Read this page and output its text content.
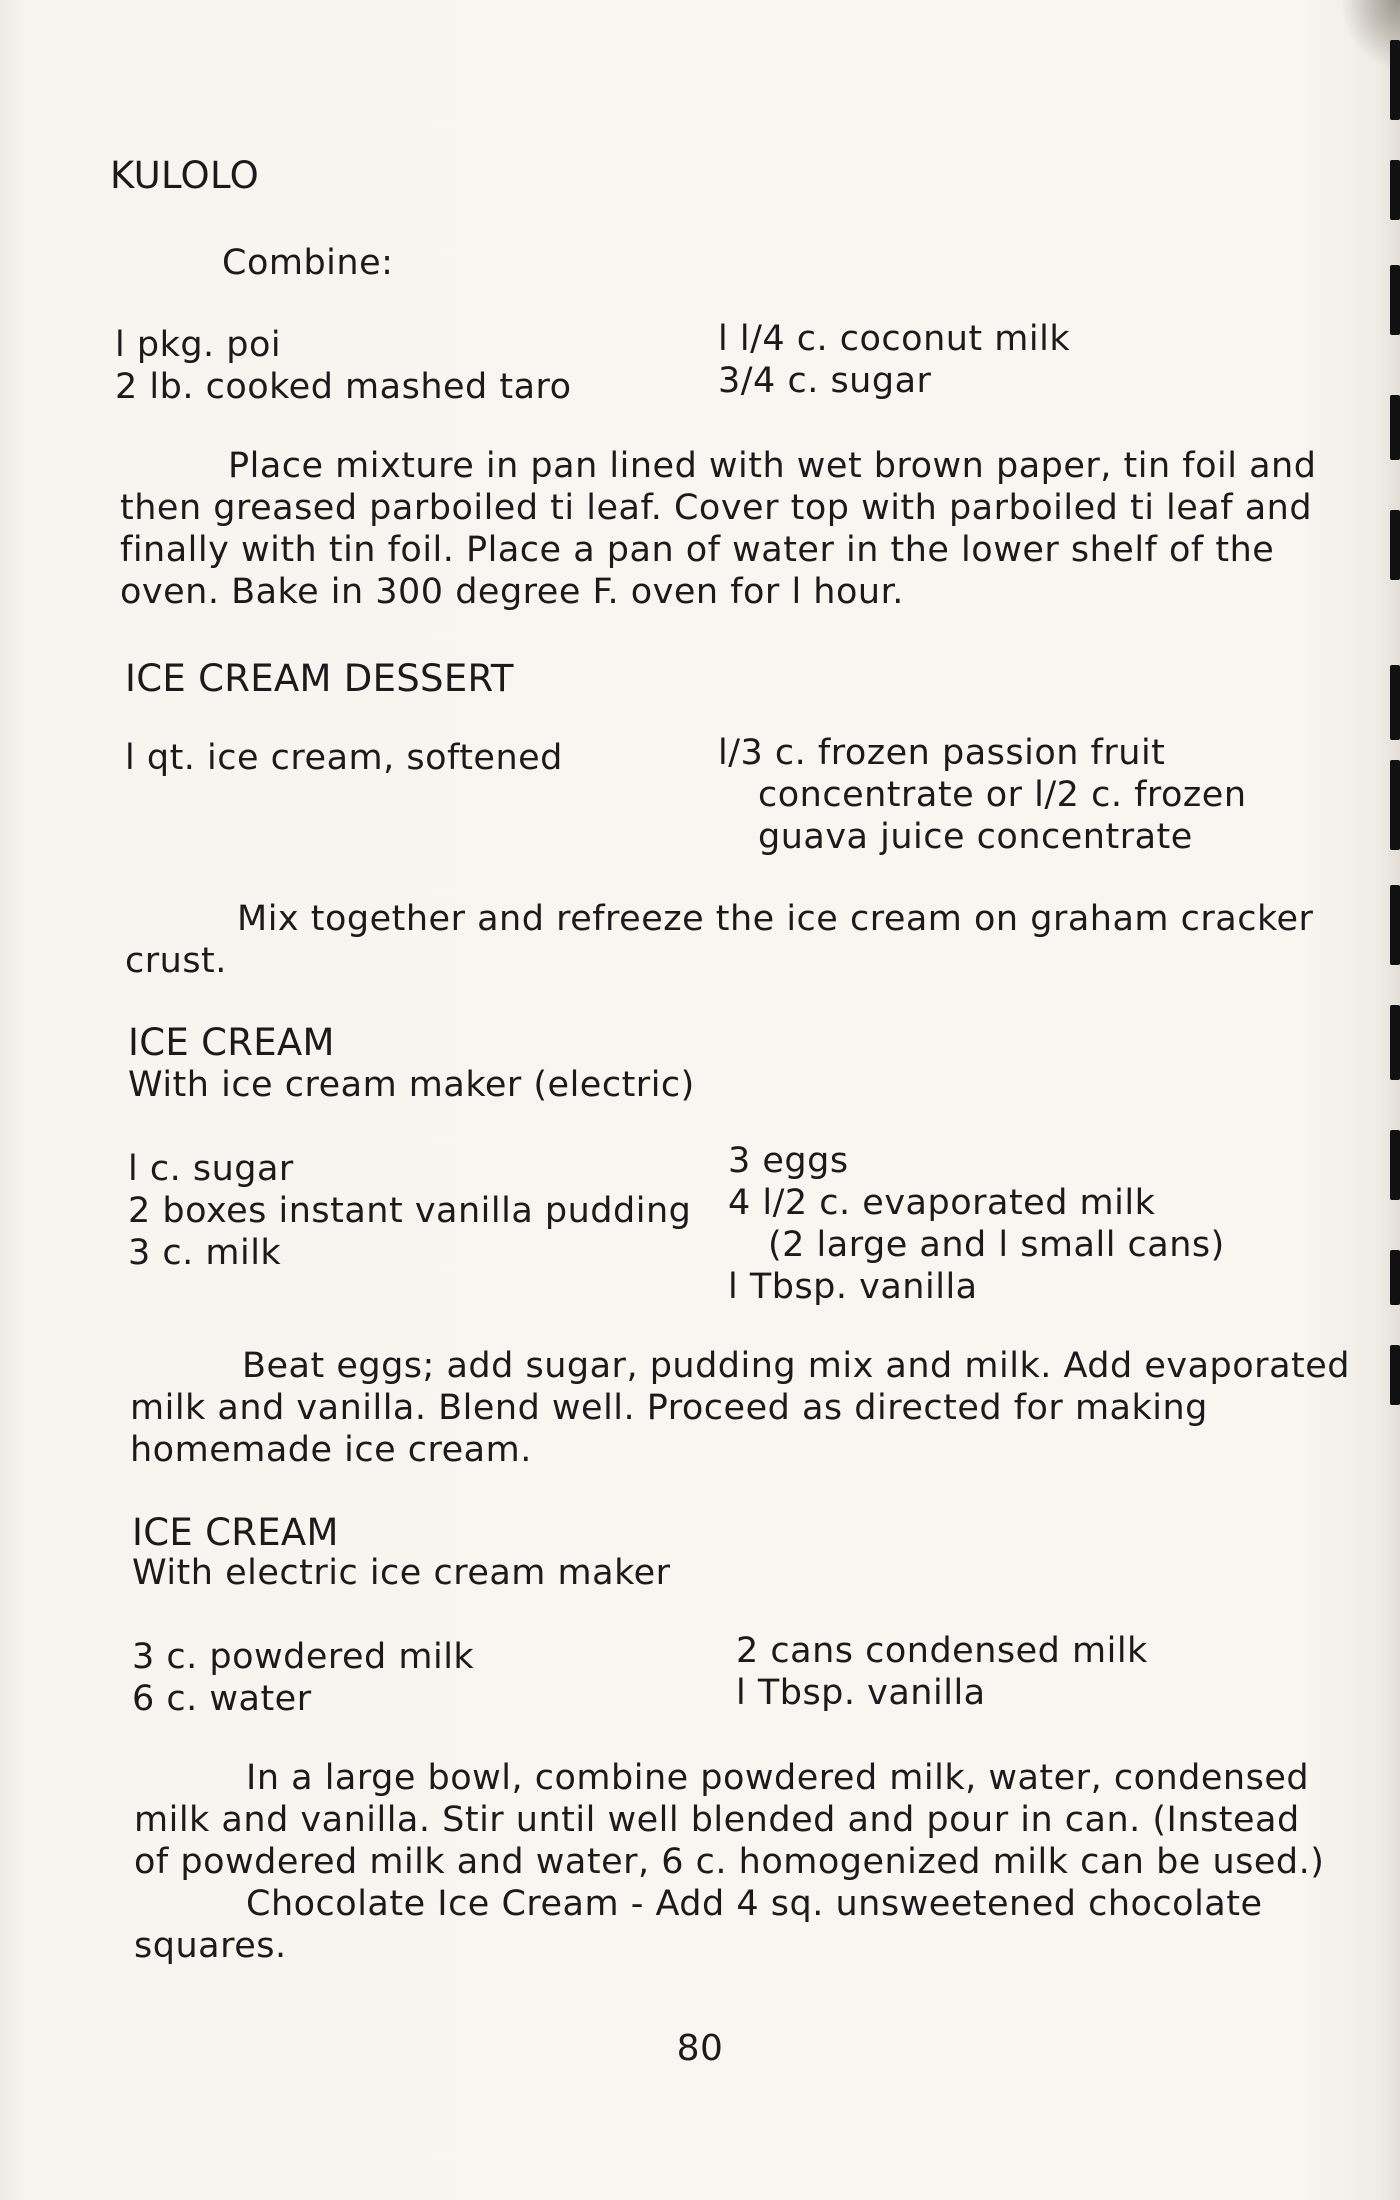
KULOLO
Combine:
l pkg. poi
2 lb. cooked mashed taro
l l/4 c. coconut milk
3/4 c. sugar
Place mixture in pan lined with wet brown paper, tin foil and
then greased parboiled ti leaf. Cover top with parboiled ti leaf and
finally with tin foil. Place a pan of water in the lower shelf of the
oven. Bake in 300 degree F. oven for l hour.
ICE CREAM DESSERT
l qt. ice cream, softened	l/3 c. frozen passion fruit
concentrate or l/2 c. frozen
guava juice concentrate
Mix together and refreeze the ice cream on graham cracker
crust.
ICE CREAM
With ice cream maker (electric)
l c. sugar
2 boxes instant vanilla pudding
3 c. milk
3 eggs
4 l/2 c. evaporated milk
(2 large and l small cans)
l Tbsp. vanilla
Beat eggs; add sugar, pudding mix and milk. Add evaporated
milk and vanilla. Blend well. Proceed as directed for making
homemade ice cream.
ICE CREAM
With electric ice cream maker
3 c. powdered milk
6 c. water
2 cans condensed milk
l Tbsp. vanilla
In a large bowl, combine powdered milk, water, condensed
milk and vanilla. Stir until well blended and pour in can. (Instead
of powdered milk and water, 6 c. homogenized milk can be used.)
Chocolate Ice Cream - Add 4 sq. unsweetened chocolate
squares.
80
